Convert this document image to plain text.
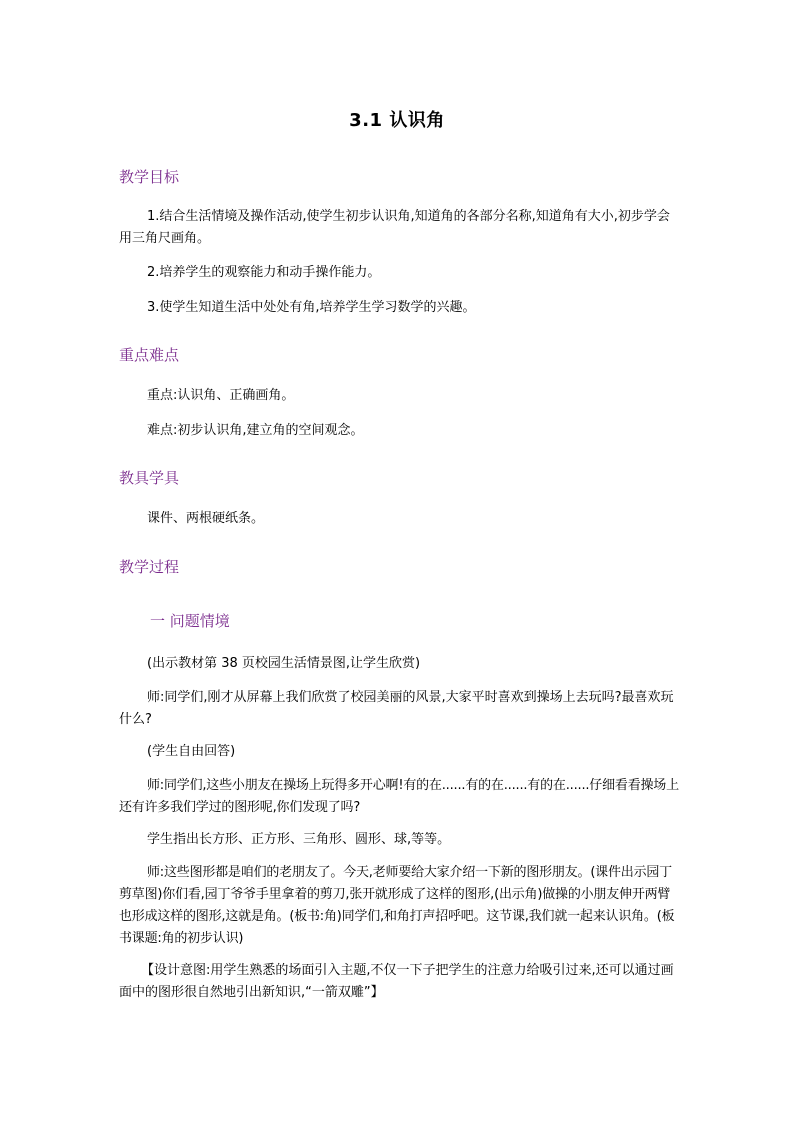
3.1 认识角
教学目标

1.结合生活情境及操作活动,使学生初步认识角,知道角的各部分名称,知道角有大小,初步学会用三角尺画角。

2.培养学生的观察能力和动手操作能力。

3.使学生知道生活中处处有角,培养学生学习数学的兴趣。

重点难点

重点:认识角、正确画角。

难点:初步认识角,建立角的空间观念。

教具学具

课件、两根硬纸条。

教学过程
一 问题情境

(出示教材第 38 页校园生活情景图,让学生欣赏)

师:同学们,刚才从屏幕上我们欣赏了校园美丽的风景,大家平时喜欢到操场上去玩吗?最喜欢玩什么?

(学生自由回答)

师:同学们,这些小朋友在操场上玩得多开心啊!有的在......有的在......有的在......仔细看看操场上还有许多我们学过的图形呢,你们发现了吗?

学生指出长方形、正方形、三角形、圆形、球,等等。

师:这些图形都是咱们的老朋友了。今天,老师要给大家介绍一下新的图形朋友。(课件出示园丁剪草图)你们看,园丁爷爷手里拿着的剪刀,张开就形成了这样的图形,(出示角)做操的小朋友伸开两臂也形成这样的图形,这就是角。(板书:角)同学们,和角打声招呼吧。这节课,我们就一起来认识角。(板书课题:角的初步认识)

【设计意图:用学生熟悉的场面引入主题,不仅一下子把学生的注意力给吸引过来,还可以通过画面中的图形很自然地引出新知识,“一箭双雕”】
